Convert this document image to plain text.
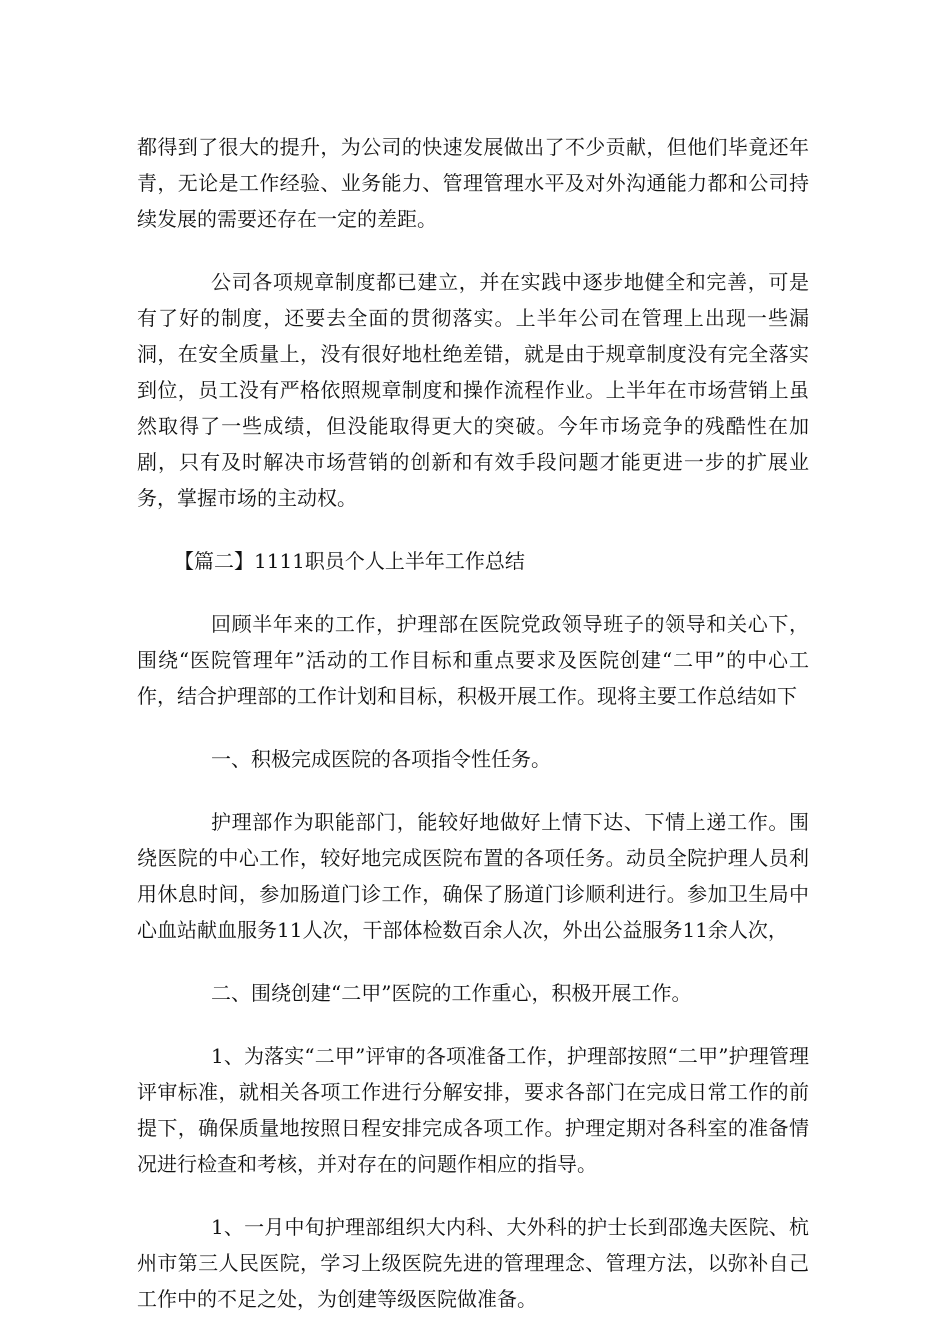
都得到了很大的提升，为公司的快速发展做出了不少贡献，但他们毕竟还年青，无论是工作经验、业务能力、管理管理水平及对外沟通能力都和公司持续发展的需要还存在一定的差距。

公司各项规章制度都已建立，并在实践中逐步地健全和完善，可是有了好的制度，还要去全面的贯彻落实。上半年公司在管理上出现一些漏洞，在安全质量上，没有很好地杜绝差错，就是由于规章制度没有完全落实到位，员工没有严格依照规章制度和操作流程作业。上半年在市场营销上虽然取得了一些成绩，但没能取得更大的突破。今年市场竞争的残酷性在加剧，只有及时解决市场营销的创新和有效手段问题才能更进一步的扩展业务，掌握市场的主动权。

【篇二】1111职员个人上半年工作总结

回顾半年来的工作，护理部在医院党政领导班子的领导和关心下，围绕“医院管理年”活动的工作目标和重点要求及医院创建“二甲”的中心工作，结合护理部的工作计划和目标，积极开展工作。现将主要工作总结如下

一、积极完成医院的各项指令性任务。

护理部作为职能部门，能较好地做好上情下达、下情上递工作。围绕医院的中心工作，较好地完成医院布置的各项任务。动员全院护理人员利用休息时间，参加肠道门诊工作，确保了肠道门诊顺利进行。参加卫生局中心血站献血服务11人次，干部体检数百余人次，外出公益服务11余人次，

二、围绕创建“二甲”医院的工作重心，积极开展工作。

1、为落实“二甲”评审的各项准备工作，护理部按照“二甲”护理管理评审标准，就相关各项工作进行分解安排，要求各部门在完成日常工作的前提下，确保质量地按照日程安排完成各项工作。护理定期对各科室的准备情况进行检查和考核，并对存在的问题作相应的指导。

1、一月中旬护理部组织大内科、大外科的护士长到邵逸夫医院、杭州市第三人民医院，学习上级医院先进的管理理念、管理方法，以弥补自己工作中的不足之处，为创建等级医院做准备。
